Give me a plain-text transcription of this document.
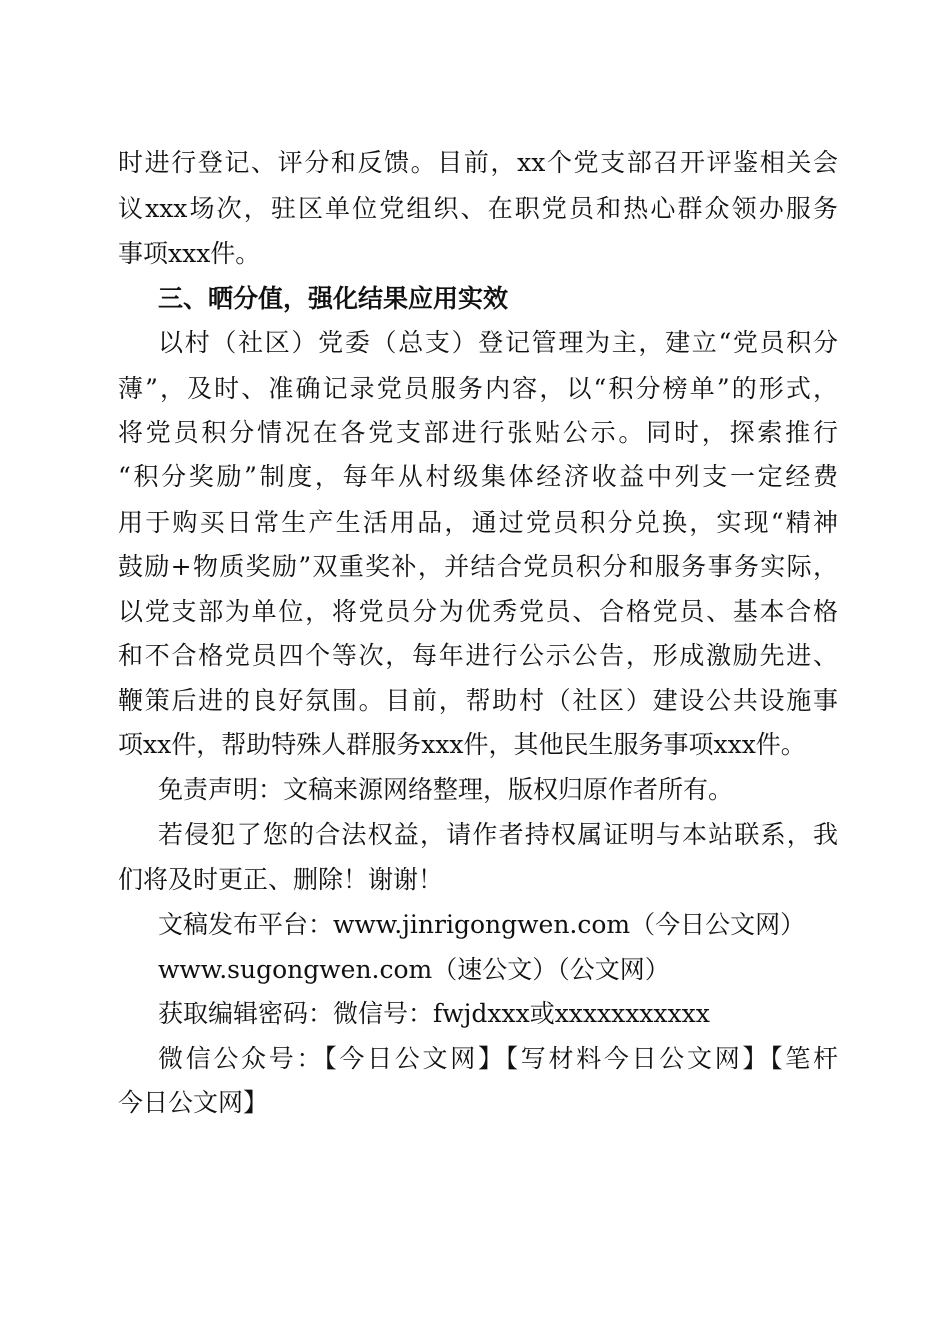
时进行登记、评分和反馈。目前，xx个党支部召开评鉴相关会
议xxx场次，驻区单位党组织、在职党员和热心群众领办服务
事项xxx件。
三、晒分值，强化结果应用实效
以村（社区）党委（总支）登记管理为主，建立“党员积分
薄”，及时、准确记录党员服务内容，以“积分榜单”的形式，
将党员积分情况在各党支部进行张贴公示。同时，探索推行
“积分奖励”制度，每年从村级集体经济收益中列支一定经费
用于购买日常生产生活用品，通过党员积分兑换，实现“精神
鼓励+物质奖励”双重奖补，并结合党员积分和服务事务实际，
以党支部为单位，将党员分为优秀党员、合格党员、基本合格
和不合格党员四个等次，每年进行公示公告，形成激励先进、
鞭策后进的良好氛围。目前，帮助村（社区）建设公共设施事
项xx件，帮助特殊人群服务xxx件，其他民生服务事项xxx件。
免责声明：文稿来源网络整理，版权归原作者所有。
若侵犯了您的合法权益，请作者持权属证明与本站联系，我
们将及时更正、删除！谢谢！
文稿发布平台：www.jinrigongwen.com（今日公文网）
www.sugongwen.com（速公文）（公文网）
获取编辑密码：微信号：fwjdxxx或xxxxxxxxxxx
微信公众号：【今日公文网】【写材料今日公文网】【笔杆
今日公文网】
